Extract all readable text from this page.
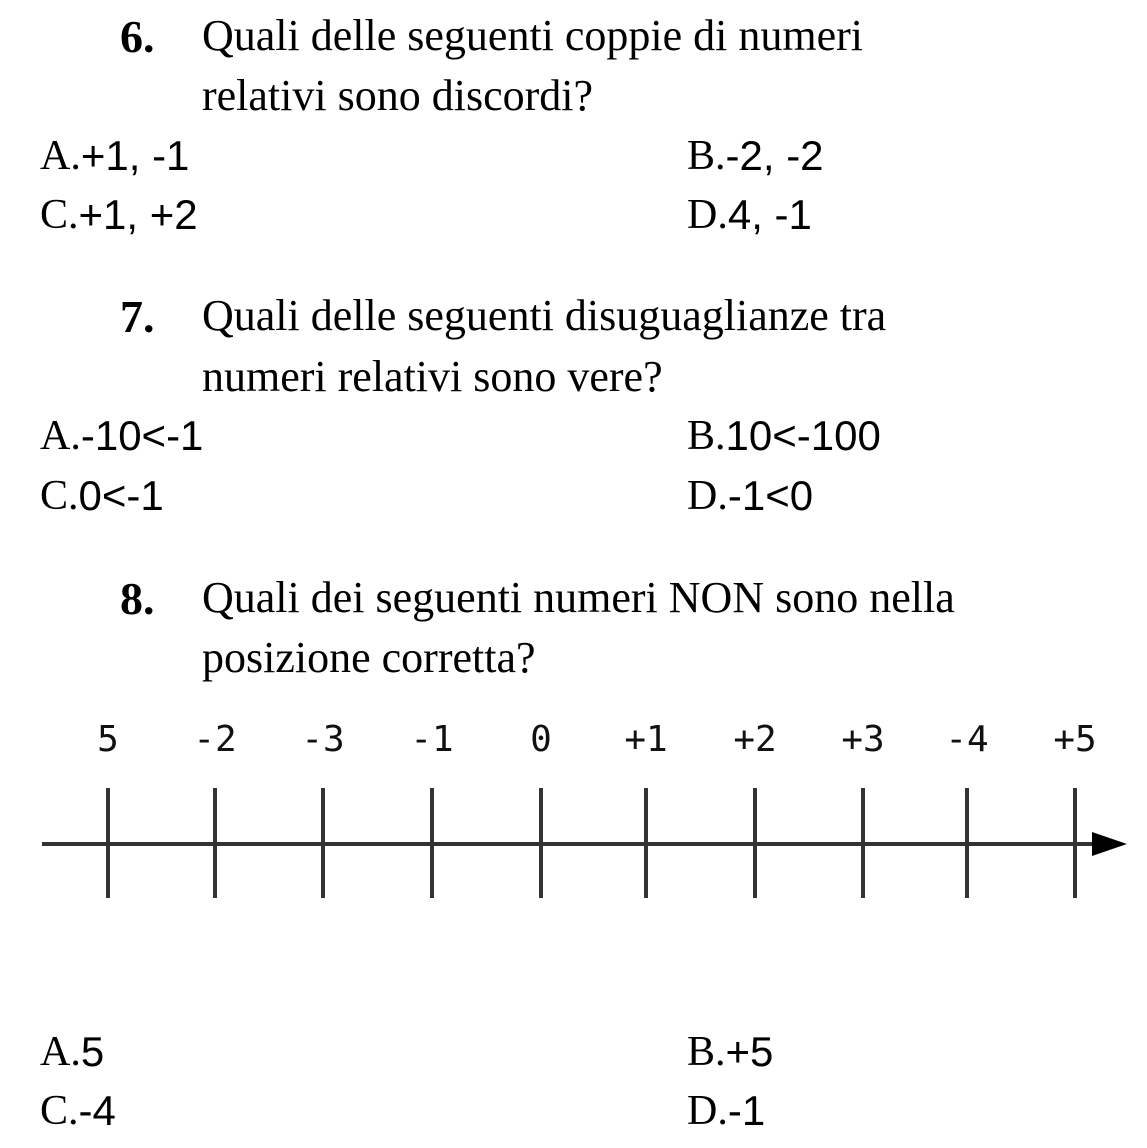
6. Quali delle seguenti coppie di numeri
relativi sono discordi?
A. +1, -1	B. -2, -2
C. +1, +2	D. 4, -1
7. Quali delle seguenti disuguaglianze tra
numeri relativi sono vere?
A. -10<-1	B. 10<-100
C. 0<-1	D. -1<0
8. Quali dei seguenti numeri NON sono nella
posizione corretta?
5	-2	-3	-1	0	+1	+2	+3	-4	+5
A. 5	B. +5
C. -4	D. -1
